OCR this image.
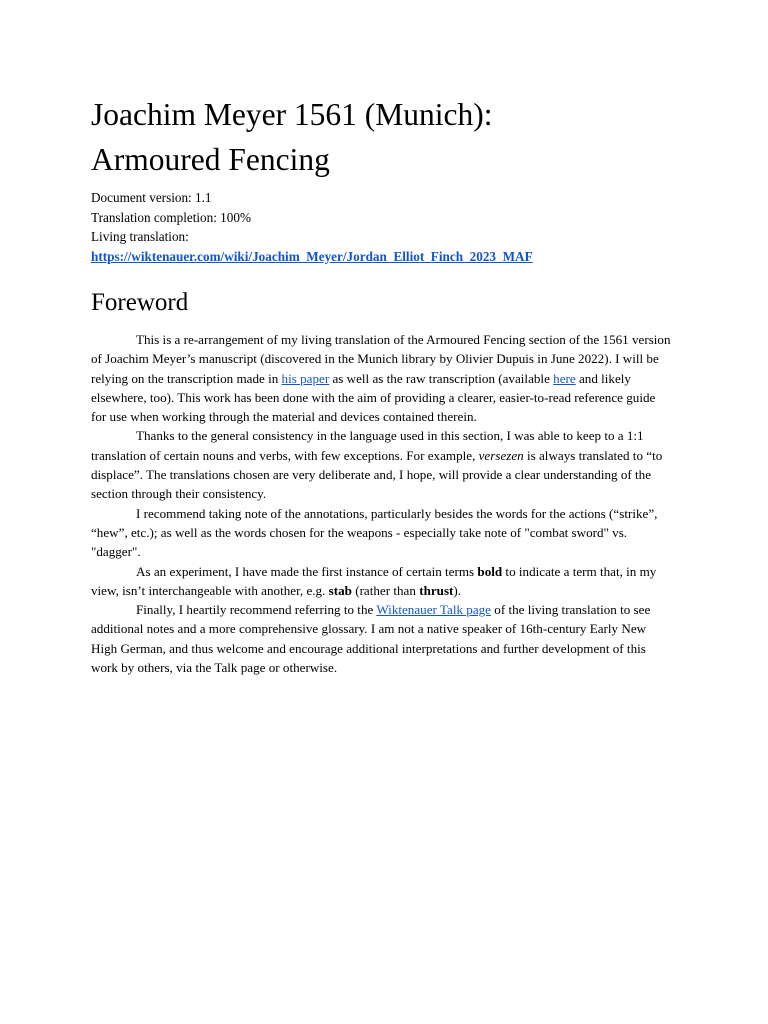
Joachim Meyer 1561 (Munich):
Armoured Fencing

Document version: 1.1

Translation completion: 100%

Living translation:

https://wiktenauer.com/wiki/Joachim_Meyer/Jordan_Elliot_Finch_2023_MAF

Foreword

This is a re-arrangement of my living translation of the Armoured Fencing section of the 1561 version of Joachim Meyer’s manuscript (discovered in the Munich library by Olivier Dupuis in June 2022). I will be relying on the transcription made in his paper as well as the raw transcription (available here and likely elsewhere, too). This work has been done with the aim of providing a clearer, easier-to-read reference guide for use when working through the material and devices contained therein.

Thanks to the general consistency in the language used in this section, I was able to keep to a 1:1 translation of certain nouns and verbs, with few exceptions. For example, versezen is always translated to “to displace”. The translations chosen are very deliberate and, I hope, will provide a clear understanding of the section through their consistency.

I recommend taking note of the annotations, particularly besides the words for the actions (“strike”, “hew”, etc.); as well as the words chosen for the weapons - especially take note of "combat sword" vs. "dagger".

As an experiment, I have made the first instance of certain terms bold to indicate a term that, in my view, isn’t interchangeable with another, e.g. stab (rather than thrust).

Finally, I heartily recommend referring to the Wiktenauer Talk page of the living translation to see additional notes and a more comprehensive glossary. I am not a native speaker of 16th-century Early New High German, and thus welcome and encourage additional interpretations and further development of this work by others, via the Talk page or otherwise.
